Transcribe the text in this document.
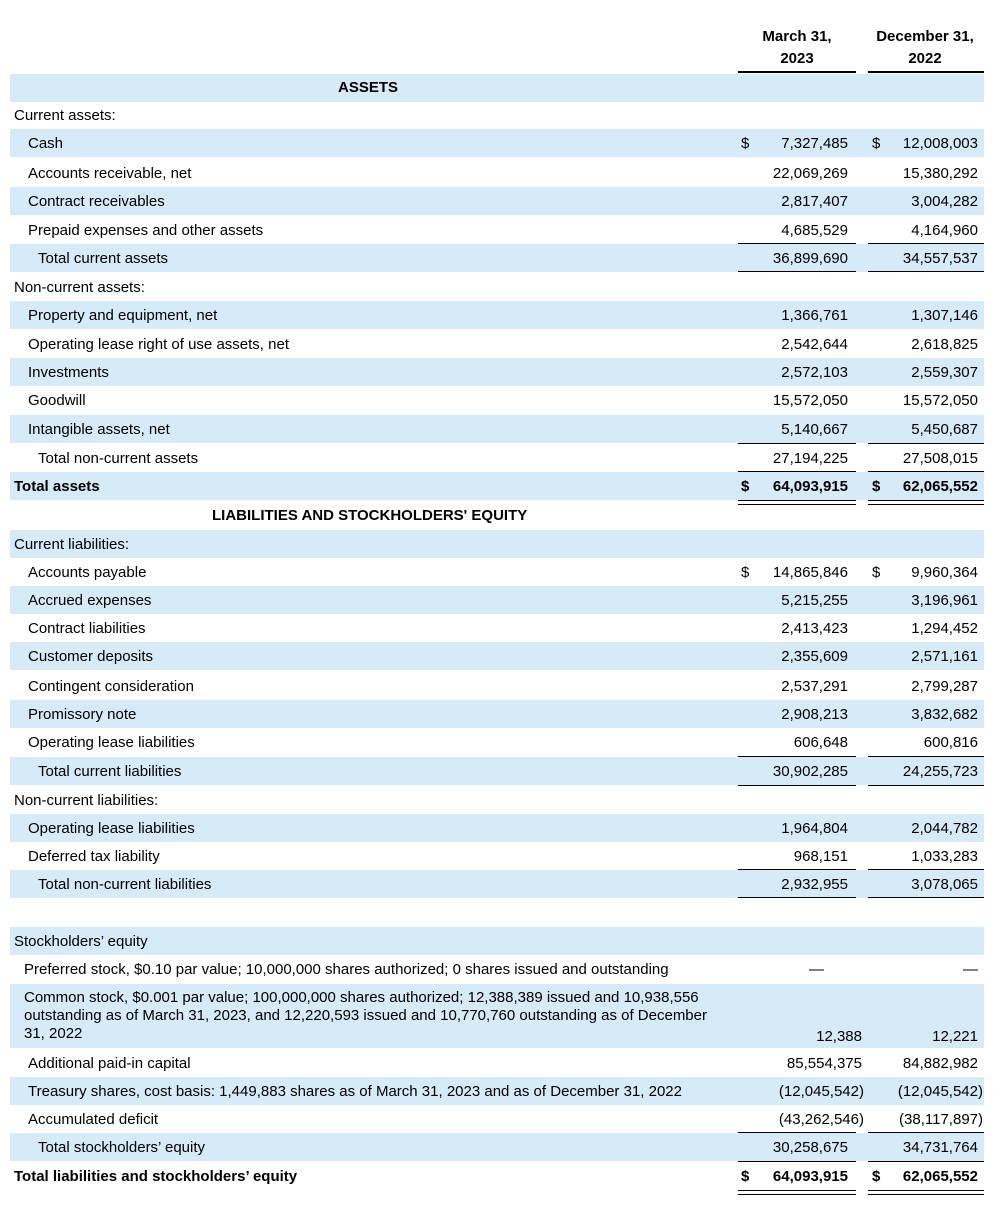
March 31,
2023
December 31,
2022
ASSETS
Current assets:
Cash	$ 7,327,485 $ 12,008,003
Accounts receivable, net	22,069,269	15,380,292
Contract receivables	2,817,407	3,004,282
Prepaid expenses and other assets	4,685,529	4,164,960
Total current assets	36,899,690	34,557,537
Non-current assets:
Property and equipment, net	1,366,761	1,307,146
Operating lease right of use assets, net	2,542,644	2,618,825
Investments	2,572,103	2,559,307
Goodwill	15,572,050	15,572,050
Intangible assets, net	5,140,667	5,450,687
Total non-current assets	27,194,225	27,508,015
Total assets	$ 64,093,915 $ 62,065,552
LIABILITIES AND STOCKHOLDERS' EQUITY
Current liabilities:
Accounts payable	$ 14,865,846 $ 9,960,364
Accrued expenses	5,215,255	3,196,961
Contract liabilities	2,413,423	1,294,452
Customer deposits	2,355,609	2,571,161
Contingent consideration	2,537,291	2,799,287
Promissory note	2,908,213	3,832,682
Operating lease liabilities	606,648	600,816
Total current liabilities	30,902,285	24,255,723
Non-current liabilities:
Operating lease liabilities	1,964,804	2,044,782
Deferred tax liability	968,151	1,033,283
Total non-current liabilities	2,932,955	3,078,065
Stockholders’ equity
Preferred stock, $0.10 par value; 10,000,000 shares authorized; 0 shares issued and outstanding	—	—
Common stock, $0.001 par value; 100,000,000 shares authorized; 12,388,389 issued and 10,938,556 outstanding as of March 31, 2023, and 12,220,593 issued and 10,770,760 outstanding as of December 31, 2022	12,388	12,221
Additional paid-in capital	85,554,375	84,882,982
Treasury shares, cost basis: 1,449,883 shares as of March 31, 2023 and as of December 31, 2022	(12,045,542) (12,045,542)
Accumulated deficit	(43,262,546) (38,117,897)
Total stockholders’ equity	30,258,675	34,731,764
Total liabilities and stockholders’ equity	$ 64,093,915 $ 62,065,552
